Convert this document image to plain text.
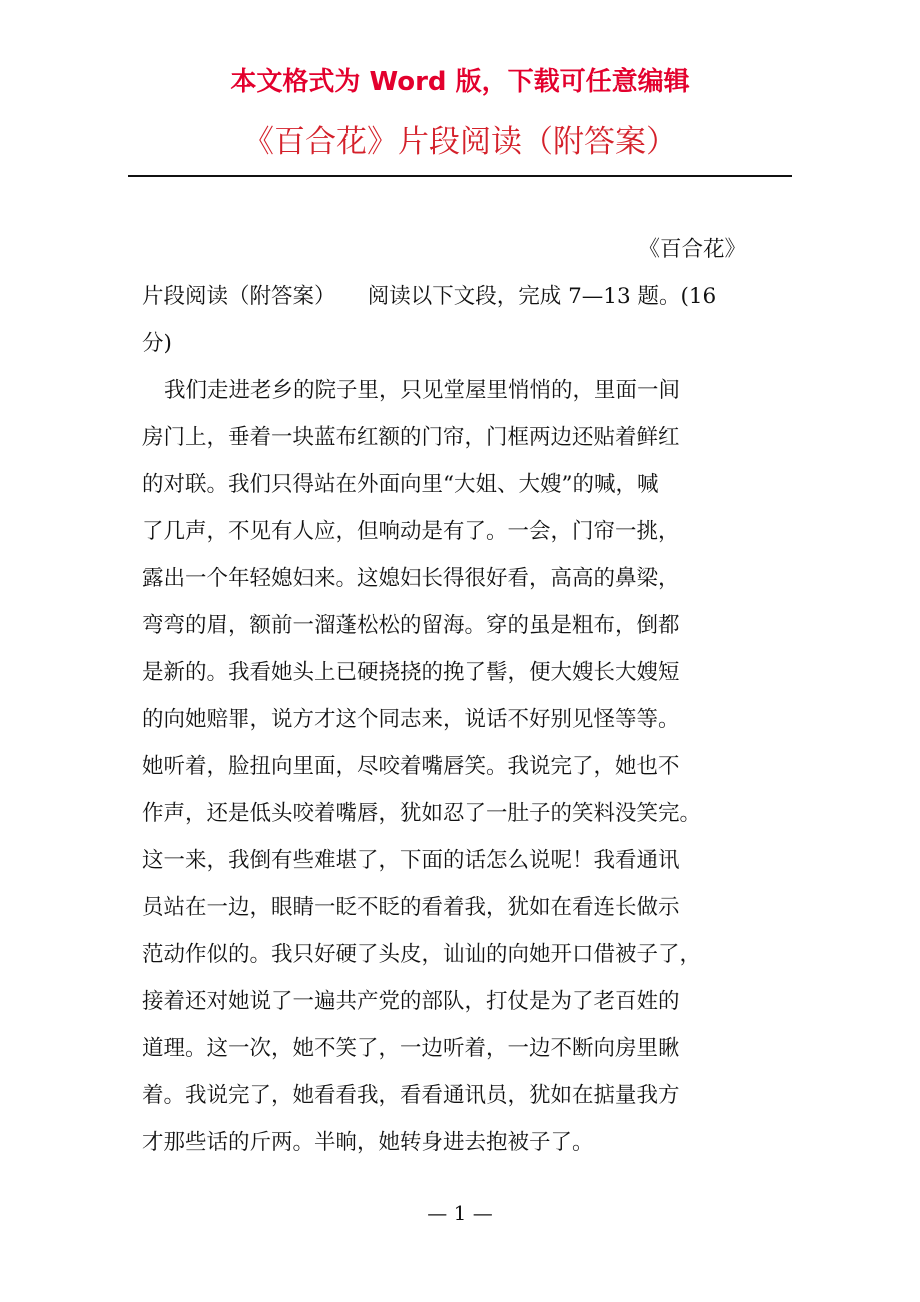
本文格式为 Word 版，下载可任意编辑
《百合花》片段阅读（附答案）
《百合花》
片段阅读（附答案）　　阅读以下文段，完成 7—13 题。(16
分)
我们走进老乡的院子里，只见堂屋里悄悄的，里面一间
房门上，垂着一块蓝布红额的门帘，门框两边还贴着鲜红
的对联。我们只得站在外面向里“大姐、大嫂”的喊，喊
了几声，不见有人应，但响动是有了。一会，门帘一挑，
露出一个年轻媳妇来。这媳妇长得很好看，高高的鼻梁，
弯弯的眉，额前一溜蓬松松的留海。穿的虽是粗布，倒都
是新的。我看她头上已硬挠挠的挽了髻，便大嫂长大嫂短
的向她赔罪，说方才这个同志来，说话不好别见怪等等。
她听着，脸扭向里面，尽咬着嘴唇笑。我说完了，她也不
作声，还是低头咬着嘴唇，犹如忍了一肚子的笑料没笑完。
这一来，我倒有些难堪了，下面的话怎么说呢！我看通讯
员站在一边，眼睛一眨不眨的看着我，犹如在看连长做示
范动作似的。我只好硬了头皮，讪讪的向她开口借被子了，
接着还对她说了一遍共产党的部队，打仗是为了老百姓的
道理。这一次，她不笑了，一边听着，一边不断向房里瞅
着。我说完了，她看看我，看看通讯员，犹如在掂量我方
才那些话的斤两。半晌，她转身进去抱被子了。
— 1 —
